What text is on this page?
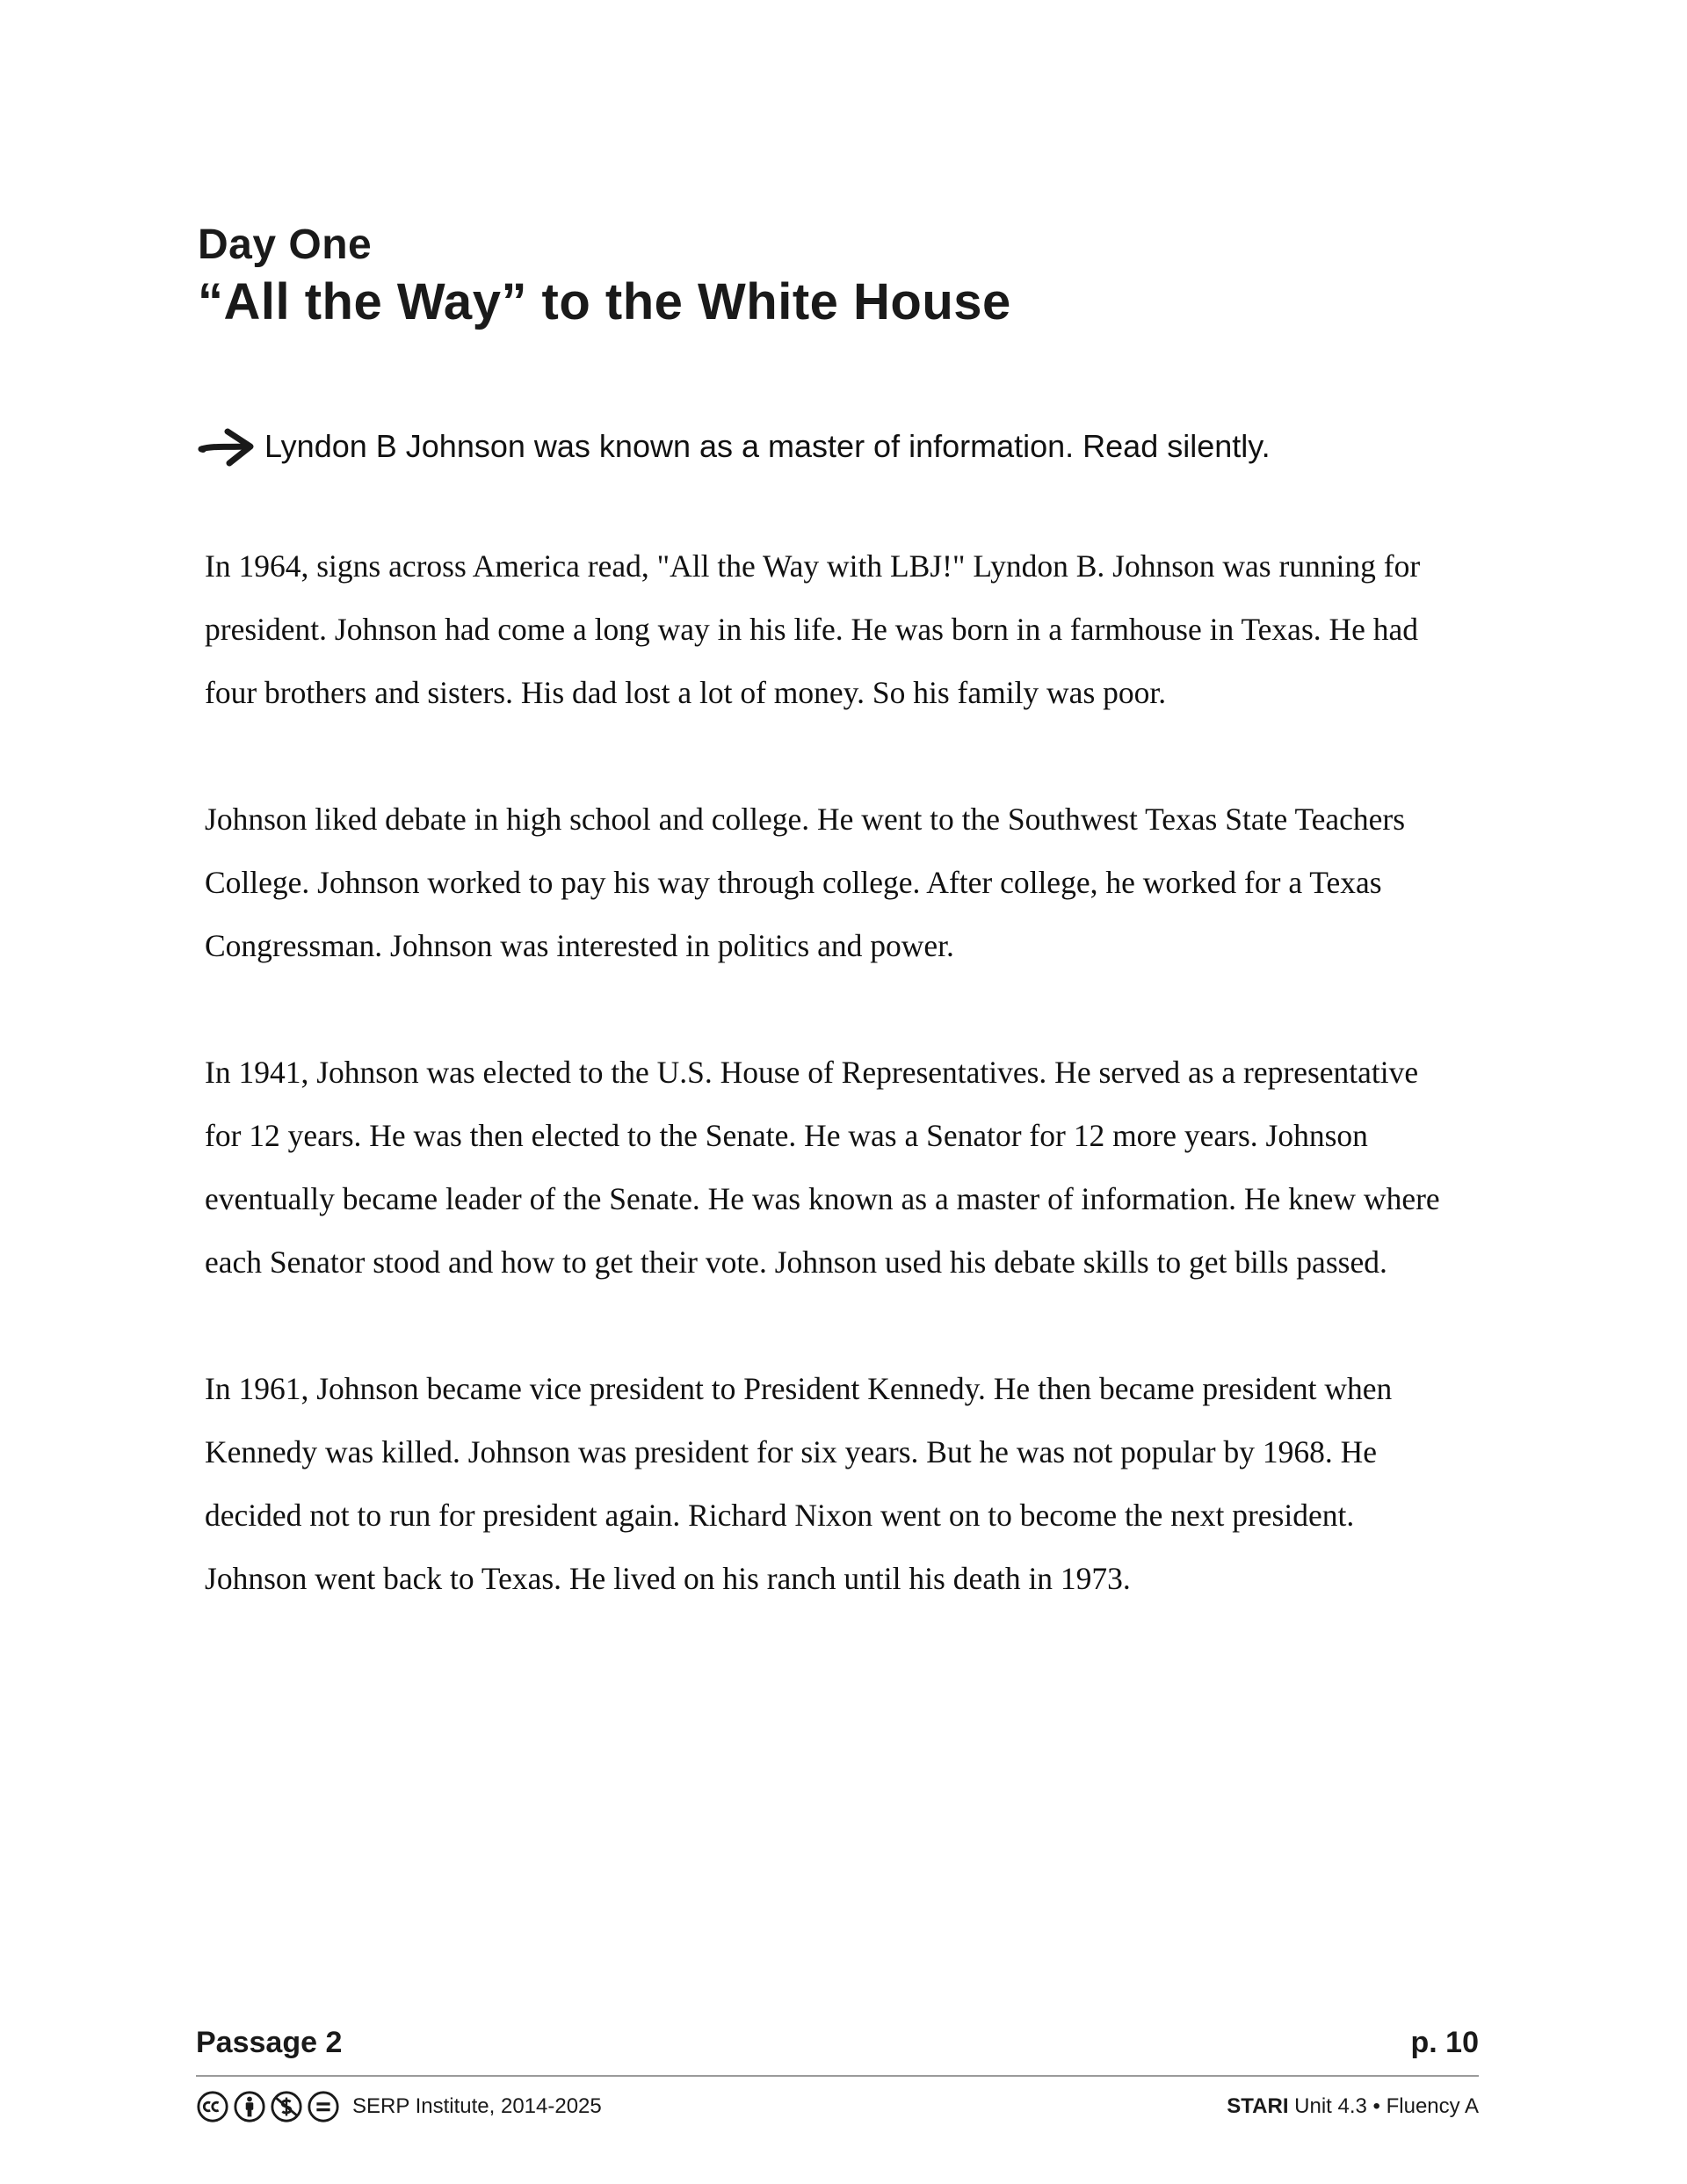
Day One
“All the Way” to the White House
Lyndon B Johnson was known as a master of information. Read silently.

In 1964, signs across America read, "All the Way with LBJ!" Lyndon B. Johnson was running for president. Johnson had come a long way in his life. He was born in a farmhouse in Texas. He had four brothers and sisters. His dad lost a lot of money. So his family was poor.

Johnson liked debate in high school and college. He went to the Southwest Texas State Teachers College. Johnson worked to pay his way through college. After college, he worked for a Texas Congressman. Johnson was interested in politics and power.

In 1941, Johnson was elected to the U.S. House of Representatives. He served as a representative for 12 years. He was then elected to the Senate. He was a Senator for 12 more years. Johnson eventually became leader of the Senate. He was known as a master of information. He knew where each Senator stood and how to get their vote. Johnson used his debate skills to get bills passed.

In 1961, Johnson became vice president to President Kennedy. He then became president when Kennedy was killed. Johnson was president for six years. But he was not popular by 1968. He decided not to run for president again. Richard Nixon went on to become the next president. Johnson went back to Texas. He lived on his ranch until his death in 1973.

Passage 2	p. 10
SERP Institute, 2014-2025	STARI Unit 4.3 • Fluency A
